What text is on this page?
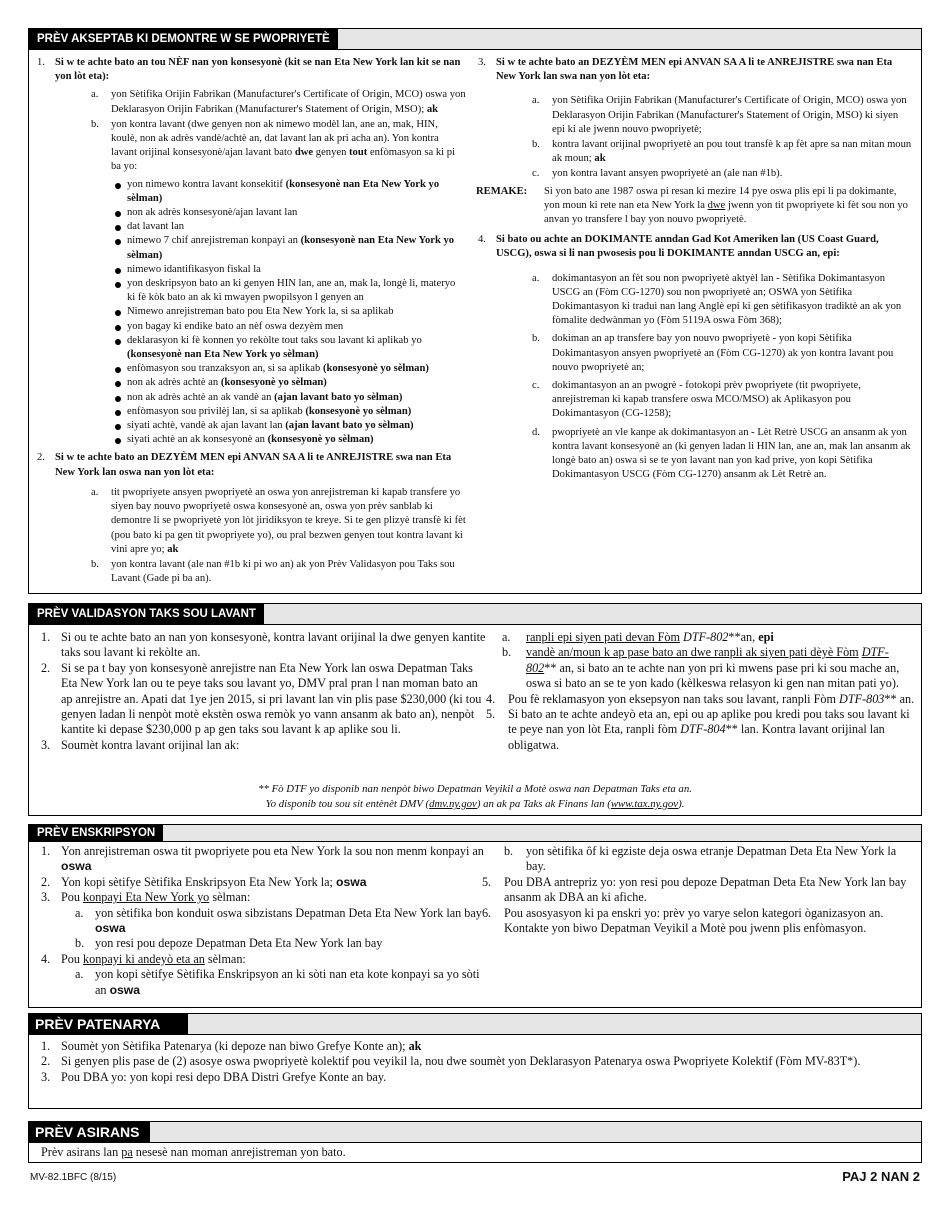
PRÈV AKSEPTAB KI DEMONTRE W SE PWOPRIYETÈ
1. Si w te achte bato an tou NÈF nan yon konsesyonè (kit se nan Eta New York lan kit se nan yon lòt eta):
a. yon Sètifika Orijin Fabrikan (Manufacturer's Certificate of Origin, MCO) oswa yon Deklarasyon Orijin Fabrikan (Manufacturer's Statement of Origin, MSO); ak
b. yon kontra lavant (dwe genyen non ak nimewo modèl lan, ane an, mak, HIN, koulè, non ak adrès vandè/achtè an, dat lavant lan ak pri acha an). Yon kontra lavant orijinal konsesyonè/ajan lavant bato dwe genyen tout enfòmasyon sa ki pi ba yo:
yon nimewo kontra lavant konsekitif (konsesyonè nan Eta New York yo sèlman)
non ak adrès konsesyonè/ajan lavant lan
dat lavant lan
nimewo 7 chif anrejistreman konpayi an (konsesyonè nan Eta New York yo sèlman)
nimewo idantifikasyon fiskal la
yon deskripsyon bato an ki genyen HIN lan, ane an, mak la, longè li, materyo ki fè kòk bato an ak ki mwayen pwopilsyon l genyen an
Nimewo anrejistreman bato pou Eta New York la, si sa aplikab
yon bagay ki endike bato an nèf oswa dezyèm men
deklarasyon ki fè konnen yo rekòlte tout taks sou lavant ki aplikab yo (konsesyonè nan Eta New York yo sèlman)
enfòmasyon sou tranzaksyon an, si sa aplikab (konsesyonè yo sèlman)
non ak adrès achtè an (konsesyonè yo sèlman)
non ak adrès achtè an ak vandè an (ajan lavant bato yo sèlman)
enfòmasyon sou privilèj lan, si sa aplikab (konsesyonè yo sèlman)
siyati achtè, vandè ak ajan lavant lan (ajan lavant bato yo sèlman)
siyati achtè an ak konsesyonè an (konsesyonè yo sèlman)
2. Si w te achte bato an DEZYÈM MEN epi ANVAN SA A li te ANREJISTRE swa nan Eta New York lan oswa nan yon lòt eta:
a. tit pwopriyete ansyen pwopriyetè an oswa yon anrejistreman ki kapab transfere yo siyen bay nouvo pwopriyetè oswa konsesyonè an, oswa yon prèv sanblab ki demontre li se pwopriyetè yon lòt jiridiksyon te kreye. Si te gen plizyè transfè ki fèt (pou bato ki pa gen tit pwopriyete yo), ou pral bezwen genyen tout kontra lavant ki vini apre yo; ak
b. yon kontra lavant (ale nan #1b ki pi wo an) ak yon Prèv Validasyon pou Taks sou Lavant (Gade pi ba an).
3. Si w te achte bato an DEZYÈM MEN epi ANVAN SA A li te ANREJISTRE swa nan Eta New York lan swa nan yon lòt eta:
a. yon Sètifika Orijin Fabrikan (Manufacturer's Certificate of Origin, MCO) oswa yon Deklarasyon Orijin Fabrikan (Manufacturer's Statement of Origin, MSO) ki siyen epi ki ale jwenn nouvo pwopriyetè;
b. kontra lavant orijinal pwopriyetè an pou tout transfè k ap fèt apre sa nan mitan moun ak moun; ak
c. yon kontra lavant ansyen pwopriyetè an (ale nan #1b).
REMAKE: Si yon bato ane 1987 oswa pi resan ki mezire 14 pye oswa plis epi li pa dokimante, yon moun ki rete nan eta New York la dwe jwenn yon tit pwopriyete ki fèt sou non yo anvan yo transfere l bay yon nouvo pwopriyetè.
4. Si bato ou achte an DOKIMANTE anndan Gad Kot Ameriken lan (US Coast Guard, USCG), oswa si li nan pwosesis pou li DOKIMANTE anndan USCG an, epi:
a. dokimantasyon an fèt sou non pwopriyetè aktyèl lan - Sètifika Dokimantasyon USCG an (Fòm CG-1270) sou non pwopriyetè an; OSWA yon Sètifika Dokimantasyon ki tradui nan lang Anglè epi ki gen sètifikasyon tradiktè an ak yon fòmalite dedwànman yo (Fòm 5119A oswa Fòm 368);
b. dokiman an ap transfere bay yon nouvo pwopriyetè - yon kopi Sètifika Dokimantasyon ansyen pwopriyetè an (Fòm CG-1270) ak yon kontra lavant pou nouvo pwopriyetè an;
c. dokimantasyon an an pwogrè - fotokopi prèv pwopriyete (tit pwopriyete, anrejistreman ki kapab transfere oswa MCO/MSO) ak Aplikasyon pou Dokimantasyon (CG-1258);
d. pwopriyetè an vle kanpe ak dokimantasyon an - Lèt Retrè USCG an ansanm ak yon kontra lavant konsesyonè an (ki genyen ladan li HIN lan, ane an, mak lan ansanm ak longè bato an) oswa si se te yon lavant nan yon kad prive, yon kopi Sètifika Dokimantasyon USCG (Fòm CG-1270) ansanm ak Lèt Retrè an.
PRÈV VALIDASYON TAKS SOU LAVANT
1. Si ou te achte bato an nan yon konsesyonè, kontra lavant orijinal la dwe genyen kantite taks sou lavant ki rekòlte an.
2. Si se pa t bay yon konsesyonè anrejistre nan Eta New York lan oswa Depatman Taks Eta New York lan ou te peye taks sou lavant yo, DMV pral pran l nan moman bato an ap anrejistre an. Apati dat 1ye jen 2015, si pri lavant lan vin plis pase $230,000 (ki tou genyen ladan li nenpòt motè ekstèn oswa remòk yo vann ansanm ak bato an), nenpòt kantite ki depase $230,000 p ap gen taks sou lavant k ap aplike sou li.
3. Soumèt kontra lavant orijinal lan ak:
a. ranpli epi siyen pati devan Fòm DTF-802**an, epi
b. vandè an/moun k ap pase bato an dwe ranpli ak siyen pati dèyè Fòm DTF-802** an, si bato an te achte nan yon pri ki mwens pase pri ki sou mache an, oswa si bato an se te yon kado (kèlkeswa relasyon ki gen nan mitan pati yo).
4. Pou fè reklamasyon yon eksepsyon nan taks sou lavant, ranpli Fòm DTF-803** an.
5. Si bato an te achte andeyò eta an, epi ou ap aplike pou kredi pou taks sou lavant ki te peye nan yon lòt Eta, ranpli fòm DTF-804** lan. Kontra lavant orijinal lan obligatwa.
** Fò DTF yo disponib nan nenpòt biwo Depatman Veyikil a Motè oswa nan Depatman Taks eta an.
Yo disponib tou sou sit entènèt DMV (dmv.ny.gov) an ak pa Taks ak Finans lan (www.tax.ny.gov).
PRÈV ENSKRIPSYON
1. Yon anrejistreman oswa tit pwopriyete pou eta New York la sou non menm konpayi an oswa
2. Yon kopi sètifye Sètifika Enskripsyon Eta New York la; oswa
3. Pou konpayi Eta New York yo sèlman:
a. yon sètifika bon konduit oswa sibzistans Depatman Deta Eta New York lan bay oswa
b. yon resi pou depoze Depatman Deta Eta New York lan bay
4. Pou konpayi ki andeyò eta an sèlman:
a. yon kopi sètifye Sètifika Enskripsyon an ki sòti nan eta kote konpayi sa yo sòti an oswa
b. yon sètifika ôf ki egziste deja oswa etranje Depatman Deta Eta New York la bay.
5. Pou DBA antrepriz yo: yon resi pou depoze Depatman Deta Eta New York lan bay ansanm ak DBA an ki afiche.
6. Pou asosyasyon ki pa enskri yo: prèv yo varye selon kategori òganizasyon an. Kontakte yon biwo Depatman Veyikil a Motè pou jwenn plis enfòmasyon.
PRÈV PATENARYA
1. Soumèt yon Sètifika Patenarya (ki depoze nan biwo Grefye Konte an); ak
2. Si genyen plis pase de (2) asosye oswa pwopriyetè kolektif pou veyikil la, nou dwe soumèt yon Deklarasyon Patenarya oswa Pwopriyete Kolektif (Fòm MV-83T*).
3. Pou DBA yo: yon kopi resi depo DBA Distri Grefye Konte an bay.
PRÈV ASIRANS
Prèv asirans lan pa nesesè nan moman anrejistreman yon bato.
MV-82.1BFC (8/15)	PAJ 2 NAN 2
